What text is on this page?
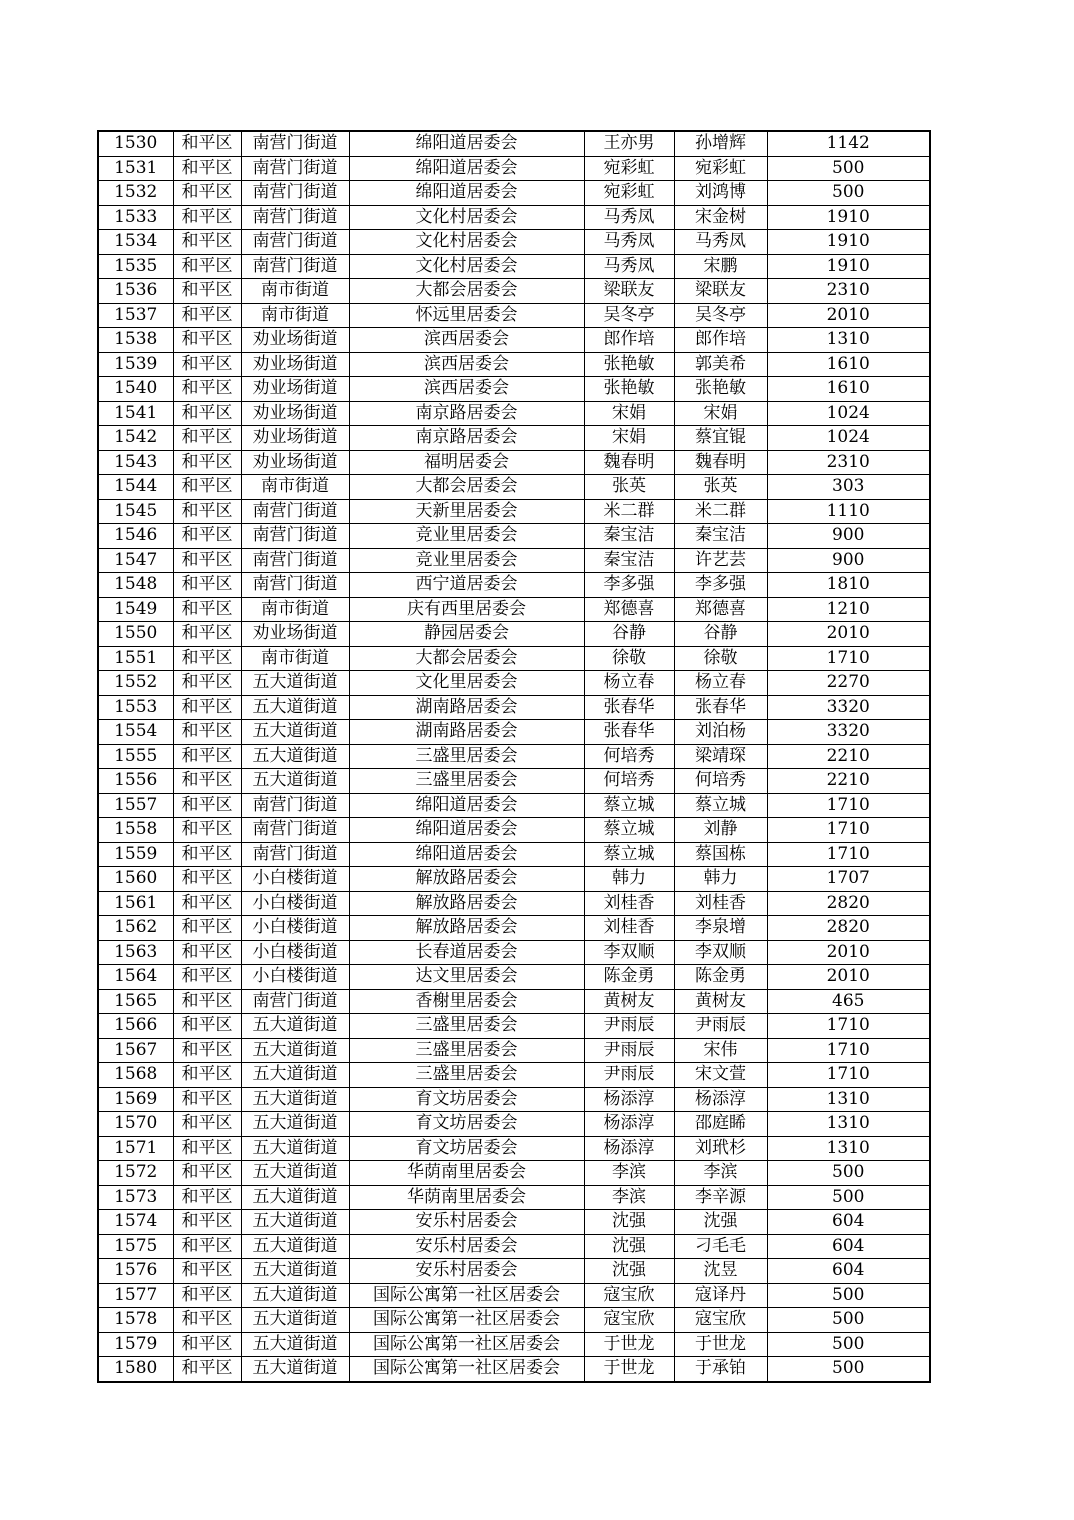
1530	和平区	南营门街道	绵阳道居委会	王亦男	孙增辉	1142
1531	和平区	南营门街道	绵阳道居委会	宛彩虹	宛彩虹	500
1532	和平区	南营门街道	绵阳道居委会	宛彩虹	刘鸿博	500
1533	和平区	南营门街道	文化村居委会	马秀凤	宋金树	1910
1534	和平区	南营门街道	文化村居委会	马秀凤	马秀凤	1910
1535	和平区	南营门街道	文化村居委会	马秀凤	宋鹏	1910
1536	和平区	南市街道	大都会居委会	梁联友	梁联友	2310
1537	和平区	南市街道	怀远里居委会	吴冬亭	吴冬亭	2010
1538	和平区	劝业场街道	滨西居委会	郎作培	郎作培	1310
1539	和平区	劝业场街道	滨西居委会	张艳敏	郭美希	1610
1540	和平区	劝业场街道	滨西居委会	张艳敏	张艳敏	1610
1541	和平区	劝业场街道	南京路居委会	宋娟	宋娟	1024
1542	和平区	劝业场街道	南京路居委会	宋娟	蔡宜锟	1024
1543	和平区	劝业场街道	福明居委会	魏春明	魏春明	2310
1544	和平区	南市街道	大都会居委会	张英	张英	303
1545	和平区	南营门街道	天新里居委会	米二群	米二群	1110
1546	和平区	南营门街道	竞业里居委会	秦宝洁	秦宝洁	900
1547	和平区	南营门街道	竞业里居委会	秦宝洁	许艺芸	900
1548	和平区	南营门街道	西宁道居委会	李多强	李多强	1810
1549	和平区	南市街道	庆有西里居委会	郑德喜	郑德喜	1210
1550	和平区	劝业场街道	静园居委会	谷静	谷静	2010
1551	和平区	南市街道	大都会居委会	徐敬	徐敬	1710
1552	和平区	五大道街道	文化里居委会	杨立春	杨立春	2270
1553	和平区	五大道街道	湖南路居委会	张春华	张春华	3320
1554	和平区	五大道街道	湖南路居委会	张春华	刘泊杨	3320
1555	和平区	五大道街道	三盛里居委会	何培秀	梁靖琛	2210
1556	和平区	五大道街道	三盛里居委会	何培秀	何培秀	2210
1557	和平区	南营门街道	绵阳道居委会	蔡立城	蔡立城	1710
1558	和平区	南营门街道	绵阳道居委会	蔡立城	刘静	1710
1559	和平区	南营门街道	绵阳道居委会	蔡立城	蔡国栋	1710
1560	和平区	小白楼街道	解放路居委会	韩力	韩力	1707
1561	和平区	小白楼街道	解放路居委会	刘桂香	刘桂香	2820
1562	和平区	小白楼街道	解放路居委会	刘桂香	李泉增	2820
1563	和平区	小白楼街道	长春道居委会	李双顺	李双顺	2010
1564	和平区	小白楼街道	达文里居委会	陈金勇	陈金勇	2010
1565	和平区	南营门街道	香榭里居委会	黄树友	黄树友	465
1566	和平区	五大道街道	三盛里居委会	尹雨辰	尹雨辰	1710
1567	和平区	五大道街道	三盛里居委会	尹雨辰	宋伟	1710
1568	和平区	五大道街道	三盛里居委会	尹雨辰	宋文萱	1710
1569	和平区	五大道街道	育文坊居委会	杨添淳	杨添淳	1310
1570	和平区	五大道街道	育文坊居委会	杨添淳	邵庭睎	1310
1571	和平区	五大道街道	育文坊居委会	杨添淳	刘玳杉	1310
1572	和平区	五大道街道	华荫南里居委会	李滨	李滨	500
1573	和平区	五大道街道	华荫南里居委会	李滨	李辛源	500
1574	和平区	五大道街道	安乐村居委会	沈强	沈强	604
1575	和平区	五大道街道	安乐村居委会	沈强	刁毛毛	604
1576	和平区	五大道街道	安乐村居委会	沈强	沈昱	604
1577	和平区	五大道街道	国际公寓第一社区居委会	寇宝欣	寇译丹	500
1578	和平区	五大道街道	国际公寓第一社区居委会	寇宝欣	寇宝欣	500
1579	和平区	五大道街道	国际公寓第一社区居委会	于世龙	于世龙	500
1580	和平区	五大道街道	国际公寓第一社区居委会	于世龙	于承铂	500
